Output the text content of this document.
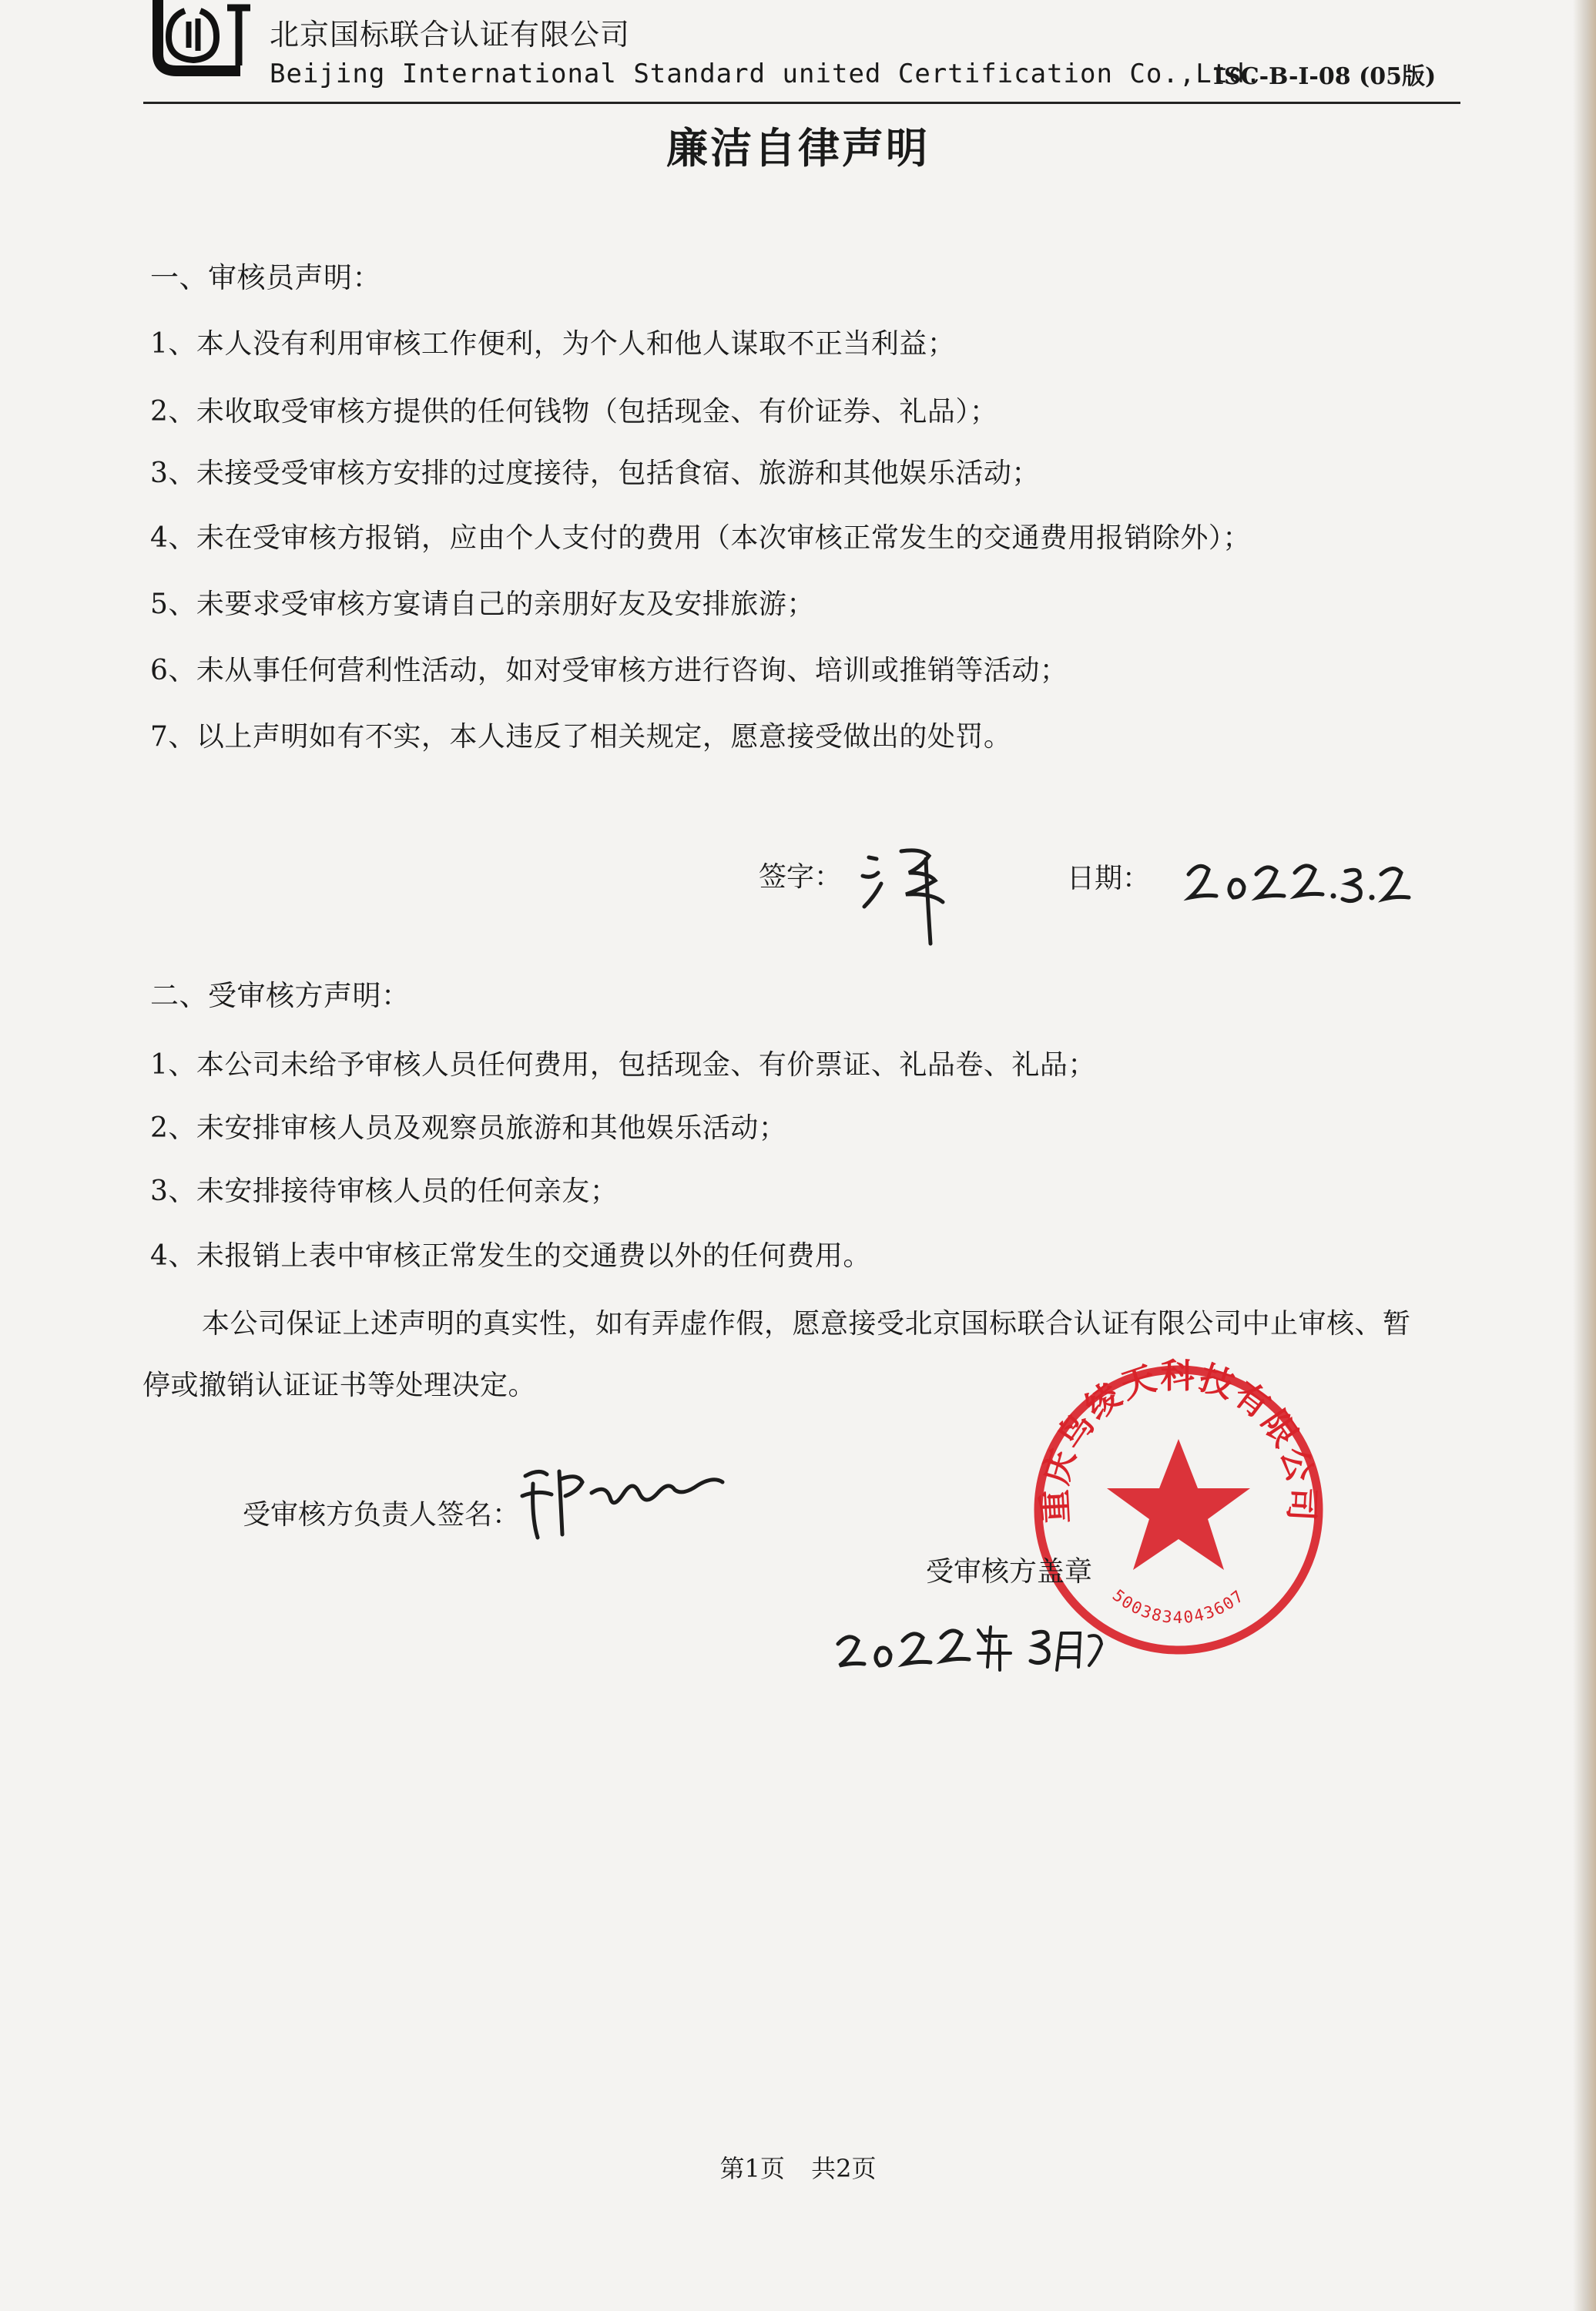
北京国标联合认证有限公司
Beijing International Standard united Certification Co.,Ltd.
ISC-B-I-08 (05版)
廉洁自律声明
一、审核员声明：
1、本人没有利用审核工作便利，为个人和他人谋取不正当利益；
2、未收取受审核方提供的任何钱物（包括现金、有价证券、礼品）；
3、未接受受审核方安排的过度接待，包括食宿、旅游和其他娱乐活动；
4、未在受审核方报销，应由个人支付的费用（本次审核正常发生的交通费用报销除外）；
5、未要求受审核方宴请自己的亲朋好友及安排旅游；
6、未从事任何营利性活动，如对受审核方进行咨询、培训或推销等活动；
7、以上声明如有不实，本人违反了相关规定，愿意接受做出的处罚。
签字：	日期：
二、受审核方声明：
1、本公司未给予审核人员任何费用，包括现金、有价票证、礼品卷、礼品；
2、未安排审核人员及观察员旅游和其他娱乐活动；
3、未安排接待审核人员的任何亲友；
4、未报销上表中审核正常发生的交通费以外的任何费用。
本公司保证上述声明的真实性，如有弄虚作假，愿意接受北京国标联合认证有限公司中止审核、暂
停或撤销认证证书等处理决定。
受审核方负责人签名：	重庆鸟绫天科技有限公司
5003834043607
受审核方盖章
第1页 共2页
